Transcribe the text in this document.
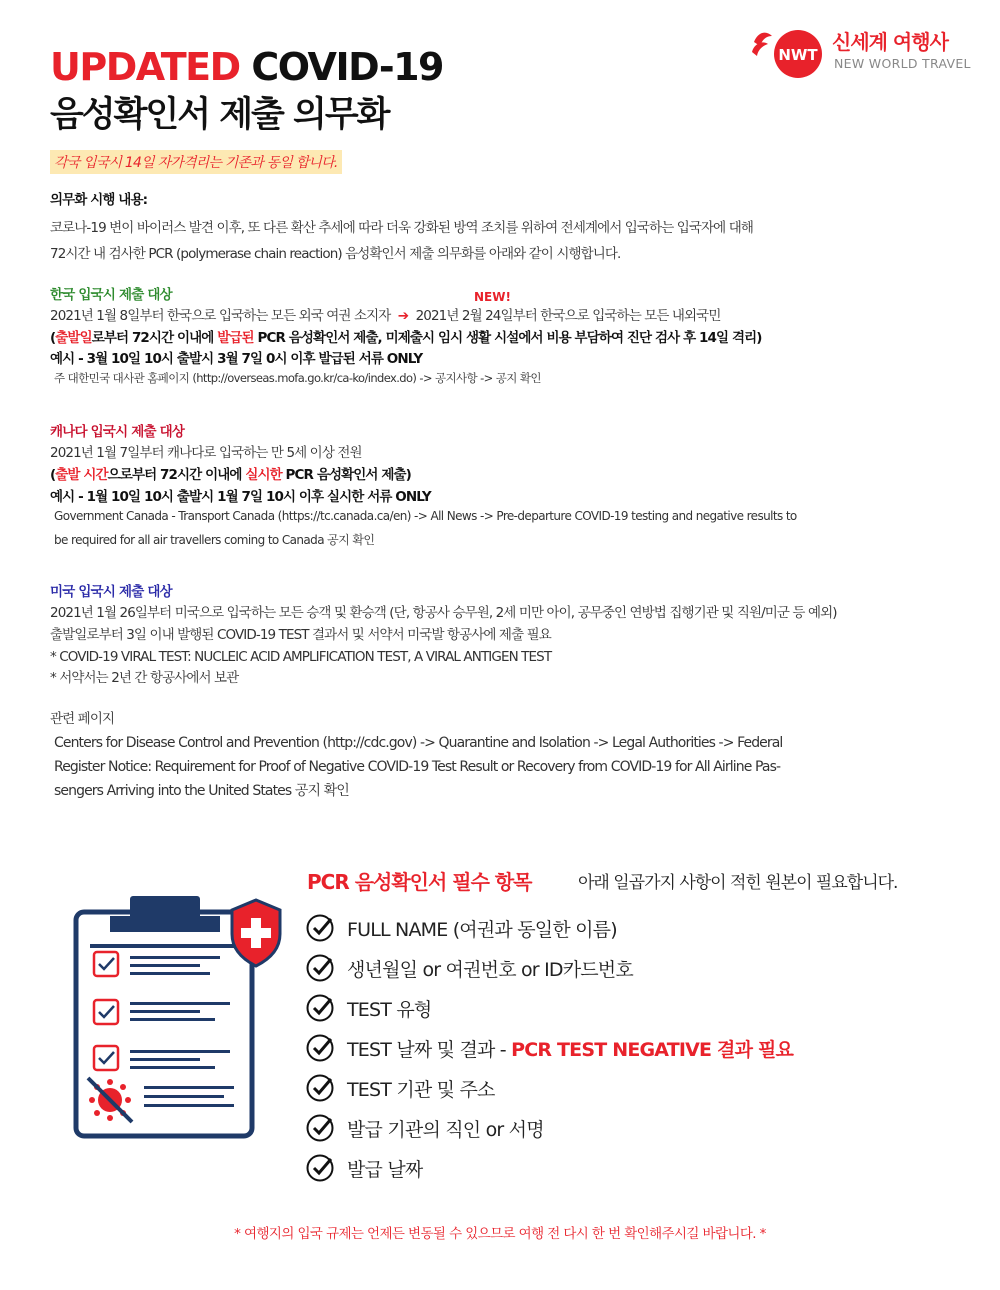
UPDATED COVID-19
음성확인서 제출 의무화
NWT
신세계 여행사
NEW WORLD TRAVEL
각국 입국시 14일 자가격리는 기존과 동일 합니다.
의무화 시행 내용:
코로나-19 변이 바이러스 발견 이후, 또 다른 확산 추세에 따라 더욱 강화된 방역 조치를 위하여 전세계에서 입국하는 입국자에 대해
72시간 내 검사한 PCR (polymerase chain reaction) 음성확인서 제출 의무화를 아래와 같이 시행합니다.
한국 입국시 제출 대상	NEW!
2021년 1월 8일부터 한국으로 입국하는 모든 외국 여권 소지자 ➔ 2021년 2월 24일부터 한국으로 입국하는 모든 내외국민
(출발일로부터 72시간 이내에 발급된 PCR 음성확인서 제출, 미제출시 임시 생활 시설에서 비용 부담하여 진단 검사 후 14일 격리)
예시 - 3월 10일 10시 출발시 3월 7일 0시 이후 발급된 서류 ONLY
주 대한민국 대사관 홈페이지 (http://overseas.mofa.go.kr/ca-ko/index.do) -> 공지사항 -> 공지 확인
캐나다 입국시 제출 대상
2021년 1월 7일부터 캐나다로 입국하는 만 5세 이상 전원
(출발 시간으로부터 72시간 이내에 실시한 PCR 음성확인서 제출)
예시 - 1월 10일 10시 출발시 1월 7일 10시 이후 실시한 서류 ONLY
Government Canada - Transport Canada (https://tc.canada.ca/en) -> All News -> Pre-departure COVID-19 testing and negative results to
be required for all air travellers coming to Canada 공지 확인
미국 입국시 제출 대상
2021년 1월 26일부터 미국으로 입국하는 모든 승객 및 환승객 (단, 항공사 승무원, 2세 미만 아이, 공무중인 연방법 집행기관 및 직원/미군 등 예외)
출발일로부터 3일 이내 발행된 COVID-19 TEST 결과서 및 서약서 미국발 항공사에 제출 필요
* COVID-19 VIRAL TEST: NUCLEIC ACID AMPLIFICATION TEST, A VIRAL ANTIGEN TEST
* 서약서는 2년 간 항공사에서 보관
관련 페이지
Centers for Disease Control and Prevention (http://cdc.gov) -> Quarantine and Isolation -> Legal Authorities -> Federal
Register Notice: Requirement for Proof of Negative COVID-19 Test Result or Recovery from COVID-19 for All Airline Pas-
sengers Arriving into the United States 공지 확인
PCR 음성확인서 필수 항목	아래 일곱가지 사항이 적힌 원본이 필요합니다.
FULL NAME (여권과 동일한 이름)
생년월일 or 여권번호 or ID카드번호
TEST 유형
TEST 날짜 및 결과 - PCR TEST NEGATIVE 결과 필요
TEST 기관 및 주소
발급 기관의 직인 or 서명
발급 날짜
* 여행지의 입국 규제는 언제든 변동될 수 있으므로 여행 전 다시 한 번 확인해주시길 바랍니다. *
